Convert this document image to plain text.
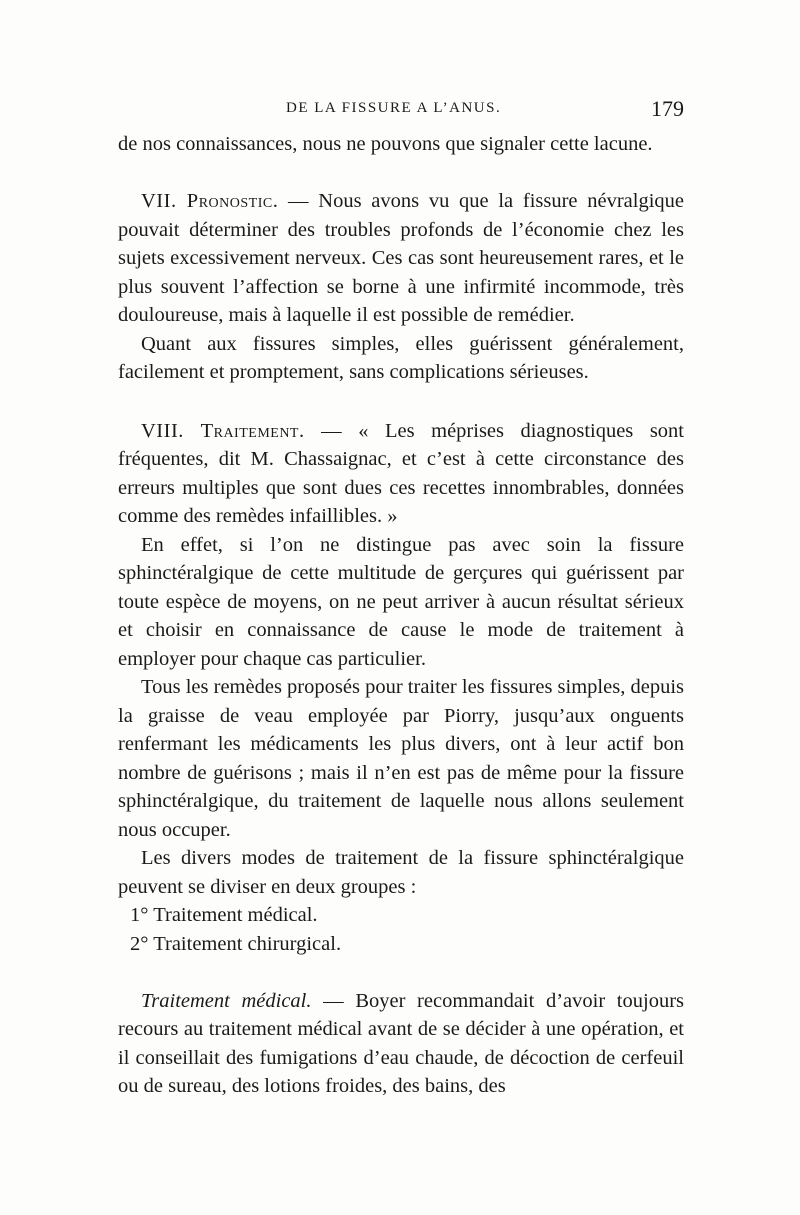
DE LA FISSURE A L’ANUS.	179

de nos connaissances, nous ne pouvons que signaler cette lacune.

VII. Pronostic. — Nous avons vu que la fissure névralgique pouvait déterminer des troubles profonds de l’économie chez les sujets excessivement nerveux. Ces cas sont heureusement rares, et le plus souvent l’affection se borne à une infirmité incommode, très douloureuse, mais à laquelle il est possible de remédier.

Quant aux fissures simples, elles guérissent généralement, facilement et promptement, sans complications sérieuses.

VIII. Traitement. — « Les méprises diagnostiques sont fréquentes, dit M. Chassaignac, et c’est à cette circonstance des erreurs multiples que sont dues ces recettes innombrables, données comme des remèdes infaillibles. »

En effet, si l’on ne distingue pas avec soin la fissure sphinctéralgique de cette multitude de gerçures qui guérissent par toute espèce de moyens, on ne peut arriver à aucun résultat sérieux et choisir en connaissance de cause le mode de traitement à employer pour chaque cas particulier.

Tous les remèdes proposés pour traiter les fissures simples, depuis la graisse de veau employée par Piorry, jusqu’aux onguents renfermant les médicaments les plus divers, ont à leur actif bon nombre de guérisons ; mais il n’en est pas de même pour la fissure sphinctéralgique, du traitement de laquelle nous allons seulement nous occuper.

Les divers modes de traitement de la fissure sphinctéralgique peuvent se diviser en deux groupes :

1° Traitement médical.

2° Traitement chirurgical.

Traitement médical. — Boyer recommandait d’avoir toujours recours au traitement médical avant de se décider à une opération, et il conseillait des fumigations d’eau chaude, de décoction de cerfeuil ou de sureau, des lotions froides, des bains, des
